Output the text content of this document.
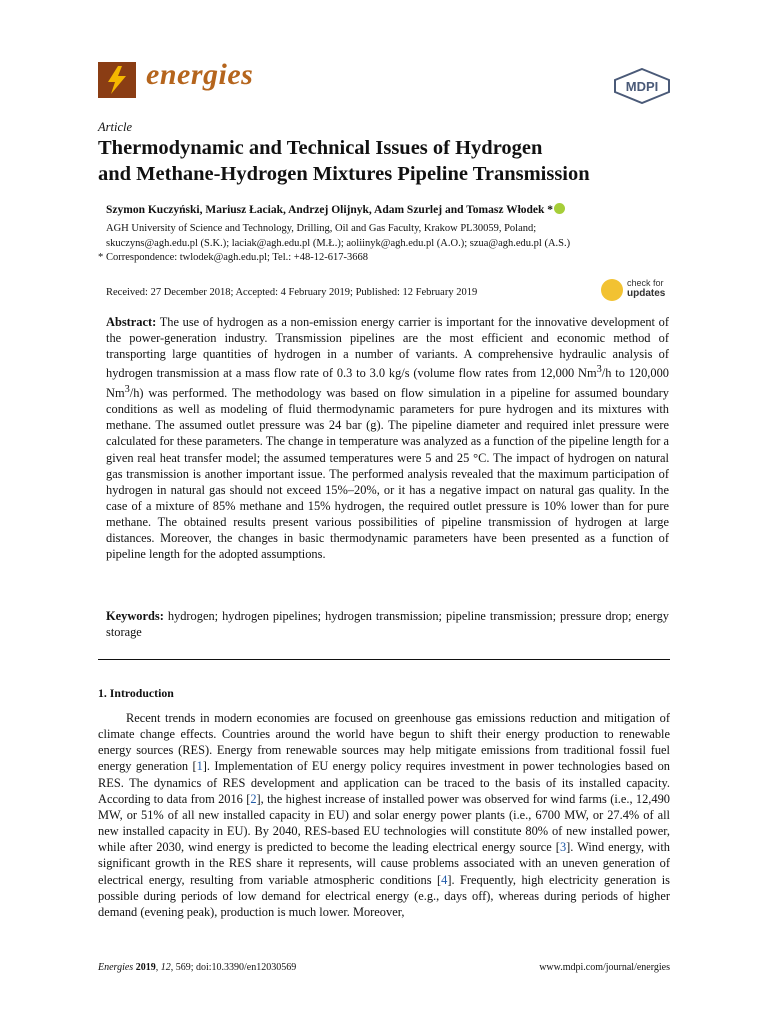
energies	MDPI
Article
Thermodynamic and Technical Issues of Hydrogen
and Methane-Hydrogen Mixtures Pipeline Transmission
Szymon Kuczyński, Mariusz Łaciak, Andrzej Olijnyk, Adam Szurlej and Tomasz Włodek *
AGH University of Science and Technology, Drilling, Oil and Gas Faculty, Krakow PL30059, Poland;
skuczyns@agh.edu.pl (S.K.); laciak@agh.edu.pl (M.Ł.); aoliinyk@agh.edu.pl (A.O.); szua@agh.edu.pl (A.S.)
* Correspondence: twlodek@agh.edu.pl; Tel.: +48-12-617-3668
Received: 27 December 2018; Accepted: 4 February 2019; Published: 12 February 2019
check for
updates
Abstract: The use of hydrogen as a non-emission energy carrier is important for the innovative development of the power-generation industry. Transmission pipelines are the most efficient and economic method of transporting large quantities of hydrogen in a number of variants. A comprehensive hydraulic analysis of hydrogen transmission at a mass flow rate of 0.3 to 3.0 kg/s (volume flow rates from 12,000 Nm$^3$/h to 120,000 Nm$^3$/h) was performed. The methodology was based on flow simulation in a pipeline for assumed boundary conditions as well as modeling of fluid thermodynamic parameters for pure hydrogen and its mixtures with methane. The assumed outlet pressure was 24 bar (g). The pipeline diameter and required inlet pressure were calculated for these parameters. The change in temperature was analyzed as a function of the pipeline length for a given real heat transfer model; the assumed temperatures were 5 and 25 °C. The impact of hydrogen on natural gas transmission is another important issue. The performed analysis revealed that the maximum participation of hydrogen in natural gas should not exceed 15%–20%, or it has a negative impact on natural gas quality. In the case of a mixture of 85% methane and 15% hydrogen, the required outlet pressure is 10% lower than for pure methane. The obtained results present various possibilities of pipeline transmission of hydrogen at large distances. Moreover, the changes in basic thermodynamic parameters have been presented as a function of pipeline length for the adopted assumptions.
Keywords: hydrogen; hydrogen pipelines; hydrogen transmission; pipeline transmission; pressure drop; energy storage
1. Introduction
Recent trends in modern economies are focused on greenhouse gas emissions reduction and mitigation of climate change effects. Countries around the world have begun to shift their energy production to renewable energy sources (RES). Energy from renewable sources may help mitigate emissions from traditional fossil fuel energy generation [1]. Implementation of EU energy policy requires investment in power technologies based on RES. The dynamics of RES development and application can be traced to the basis of its installed capacity. According to data from 2016 [2], the highest increase of installed power was observed for wind farms (i.e., 12,490 MW, or 51% of all new installed capacity in EU) and solar energy power plants (i.e., 6700 MW, or 27.4% of all new installed capacity in EU). By 2040, RES-based EU technologies will constitute 80% of new installed power, while after 2030, wind energy is predicted to become the leading electrical energy source [3]. Wind energy, with significant growth in the RES share it represents, will cause problems associated with an uneven generation of electrical energy, resulting from variable atmospheric conditions [4]. Frequently, high electricity generation is possible during periods of low demand for electrical energy (e.g., days off), whereas during periods of higher demand (evening peak), production is much lower. Moreover,
Energies 2019, 12, 569; doi:10.3390/en12030569	www.mdpi.com/journal/energies
